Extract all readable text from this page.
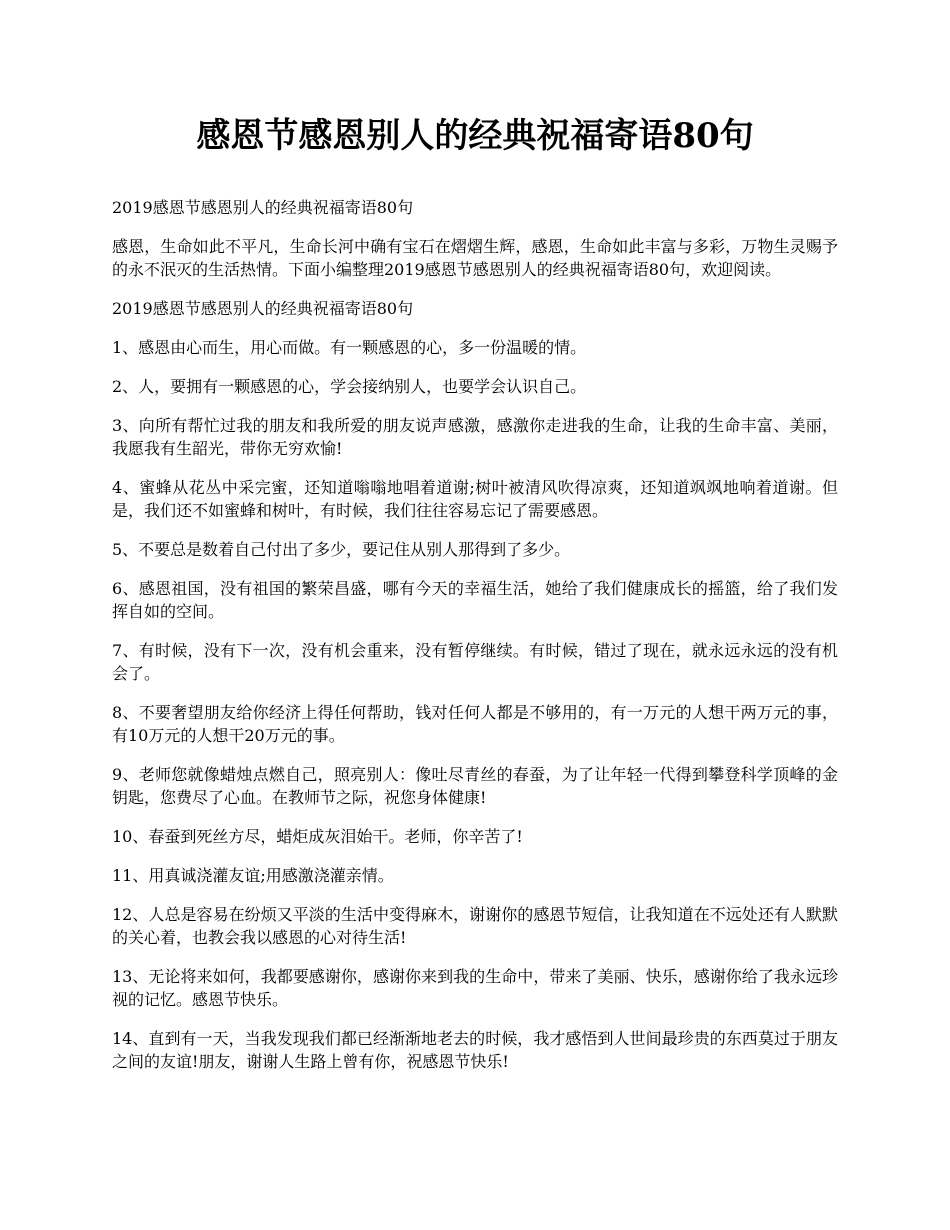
感恩节感恩别人的经典祝福寄语80句

2019感恩节感恩别人的经典祝福寄语80句

感恩，生命如此不平凡，生命长河中确有宝石在熠熠生辉，感恩，生命如此丰富与多彩，万物生灵赐予的永不泯灭的生活热情。下面小编整理2019感恩节感恩别人的经典祝福寄语80句，欢迎阅读。

2019感恩节感恩别人的经典祝福寄语80句

1、感恩由心而生，用心而做。有一颗感恩的心，多一份温暖的情。

2、人，要拥有一颗感恩的心，学会接纳别人，也要学会认识自己。

3、向所有帮忙过我的朋友和我所爱的朋友说声感激，感激你走进我的生命，让我的生命丰富、美丽，我愿我有生韶光，带你无穷欢愉!

4、蜜蜂从花丛中采完蜜，还知道嗡嗡地唱着道谢;树叶被清风吹得凉爽，还知道飒飒地响着道谢。但是，我们还不如蜜蜂和树叶，有时候，我们往往容易忘记了需要感恩。

5、不要总是数着自己付出了多少，要记住从别人那得到了多少。

6、感恩祖国，没有祖国的繁荣昌盛，哪有今天的幸福生活，她给了我们健康成长的摇篮，给了我们发挥自如的空间。

7、有时候，没有下一次，没有机会重来，没有暂停继续。有时候，错过了现在，就永远永远的没有机会了。

8、不要奢望朋友给你经济上得任何帮助，钱对任何人都是不够用的，有一万元的人想干两万元的事，有10万元的人想干20万元的事。

9、老师您就像蜡烛点燃自己，照亮别人：像吐尽青丝的春蚕，为了让年轻一代得到攀登科学顶峰的金钥匙，您费尽了心血。在教师节之际，祝您身体健康!

10、春蚕到死丝方尽，蜡炬成灰泪始干。老师，你辛苦了!

11、用真诚浇灌友谊;用感激浇灌亲情。

12、人总是容易在纷烦又平淡的生活中变得麻木，谢谢你的感恩节短信，让我知道在不远处还有人默默的关心着，也教会我以感恩的心对待生活!

13、无论将来如何，我都要感谢你，感谢你来到我的生命中，带来了美丽、快乐，感谢你给了我永远珍视的记忆。感恩节快乐。

14、直到有一天，当我发现我们都已经渐渐地老去的时候，我才感悟到人世间最珍贵的东西莫过于朋友之间的友谊!朋友，谢谢人生路上曾有你，祝感恩节快乐!
